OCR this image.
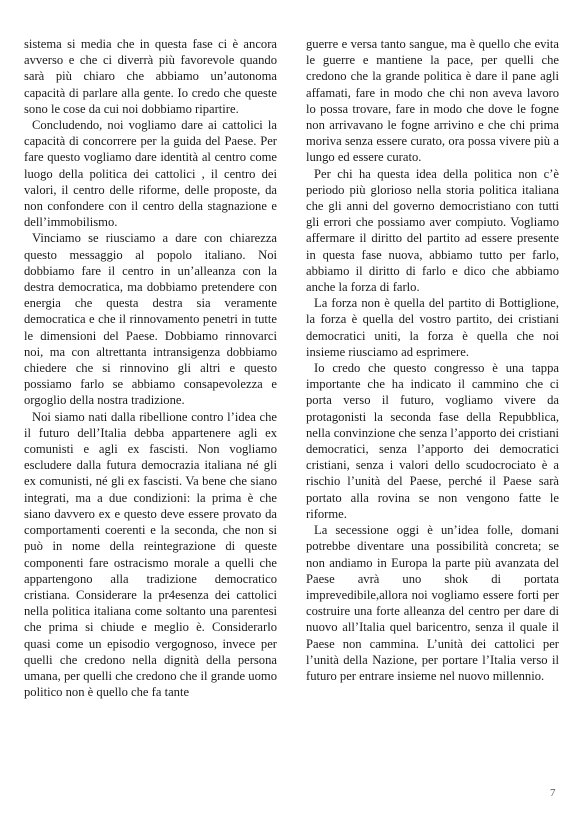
sistema si media che in questa fase ci è ancora avverso e che ci diverrà più favorevole quando sarà più chiaro che abbiamo un’autonoma capacità di parlare alla gente. Io credo che queste sono le cose da cui noi dobbiamo ripartire.

Concludendo, noi vogliamo dare ai cattolici la capacità di concorrere per la guida del Paese. Per fare questo vogliamo dare identità al centro come luogo della politica dei cattolici , il centro dei valori, il centro delle riforme, delle proposte, da non confondere con il centro della stagnazione e dell’immobilismo.

Vinciamo se riusciamo a dare con chiarezza questo messaggio al popolo italiano. Noi dobbiamo fare il centro in un’alleanza con la destra democratica, ma dobbiamo pretendere con energia che questa destra sia veramente democratica e che il rinnovamento penetri in tutte le dimensioni del Paese. Dobbiamo rinnovarci noi, ma con altrettanta intransigenza dobbiamo chiedere che si rinnovino gli altri e questo possiamo farlo se abbiamo consapevolezza e orgoglio della nostra tradizione.

Noi siamo nati dalla ribellione contro l’idea che il futuro dell’Italia debba appartenere agli ex comunisti e agli ex fascisti. Non vogliamo escludere dalla futura democrazia italiana né gli ex comunisti, né gli ex fascisti. Va bene che siano integrati, ma a due condizioni: la prima è che siano davvero ex e questo deve essere provato da comportamenti coerenti e la seconda, che non si può in nome della reintegrazione di queste componenti fare ostracismo morale a quelli che appartengono alla tradizione democratico cristiana. Considerare la pr4esenza dei cattolici nella politica italiana come soltanto una parentesi che prima si chiude e meglio è. Considerarlo quasi come un episodio vergognoso, invece per quelli che credono nella dignità della persona umana, per quelli che credono che il grande uomo politico non è quello che fa tante

guerre e versa tanto sangue, ma è quello che evita le guerre e mantiene la pace, per quelli che credono che la grande politica è dare il pane agli affamati, fare in modo che chi non aveva lavoro lo possa trovare, fare in modo che dove le fogne non arrivavano le fogne arrivino e che chi prima moriva senza essere curato, ora possa vivere più a lungo ed essere curato.

Per chi ha questa idea della politica non c’è periodo più glorioso nella storia politica italiana che gli anni del governo democristiano con tutti gli errori che possiamo aver compiuto. Vogliamo affermare il diritto del partito ad essere presente in questa fase nuova, abbiamo tutto per farlo, abbiamo il diritto di farlo e dico che abbiamo anche la forza di farlo.

La forza non è quella del partito di Bottiglione, la forza è quella del vostro partito, dei cristiani democratici uniti, la forza è quella che noi insieme riusciamo ad esprimere.

Io credo che questo congresso è una tappa importante che ha indicato il cammino che ci porta verso il futuro, vogliamo vivere da protagonisti la seconda fase della Repubblica, nella convinzione che senza l’apporto dei cristiani democratici, senza l’apporto dei democratici cristiani, senza i valori dello scudocrociato è a rischio l’unità del Paese, perché il Paese sarà portato alla rovina se non vengono fatte le riforme.

La secessione oggi è un’idea folle, domani potrebbe diventare una possibilità concreta; se non andiamo in Europa la parte più avanzata del Paese avrà uno shok di portata imprevedibile,allora noi vogliamo essere forti per costruire una forte alleanza del centro per dare di nuovo all’Italia quel baricentro, senza il quale il Paese non cammina. L’unità dei cattolici per l’unità della Nazione, per portare l’Italia verso il futuro per entrare insieme nel nuovo millennio.

7
